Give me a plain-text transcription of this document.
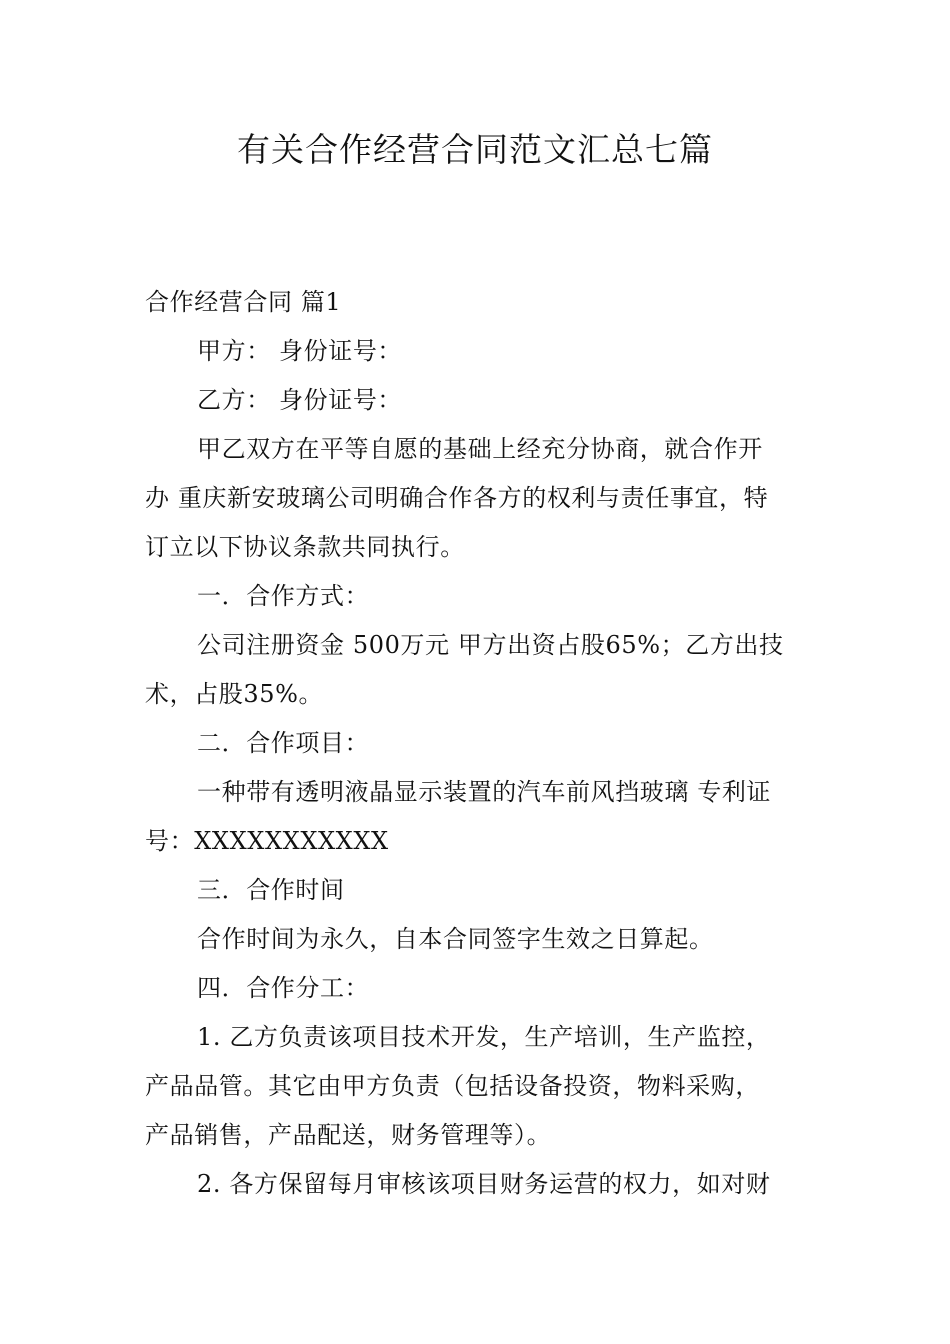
有关合作经营合同范文汇总七篇
合作经营合同 篇1
甲方： 身份证号：
乙方： 身份证号：
甲乙双方在平等自愿的基础上经充分协商，就合作开
办 重庆新安玻璃公司明确合作各方的权利与责任事宜，特
订立以下协议条款共同执行。
一．合作方式：
公司注册资金 500万元 甲方出资占股65%；乙方出技
术，占股35%。
二．合作项目：
一种带有透明液晶显示装置的汽车前风挡玻璃 专利证
号：XXXXXXXXXXX
三．合作时间
合作时间为永久，自本合同签字生效之日算起。
四．合作分工：
1. 乙方负责该项目技术开发，生产培训，生产监控，
产品品管。其它由甲方负责（包括设备投资，物料采购，
产品销售，产品配送，财务管理等）。
2. 各方保留每月审核该项目财务运营的权力，如对财
